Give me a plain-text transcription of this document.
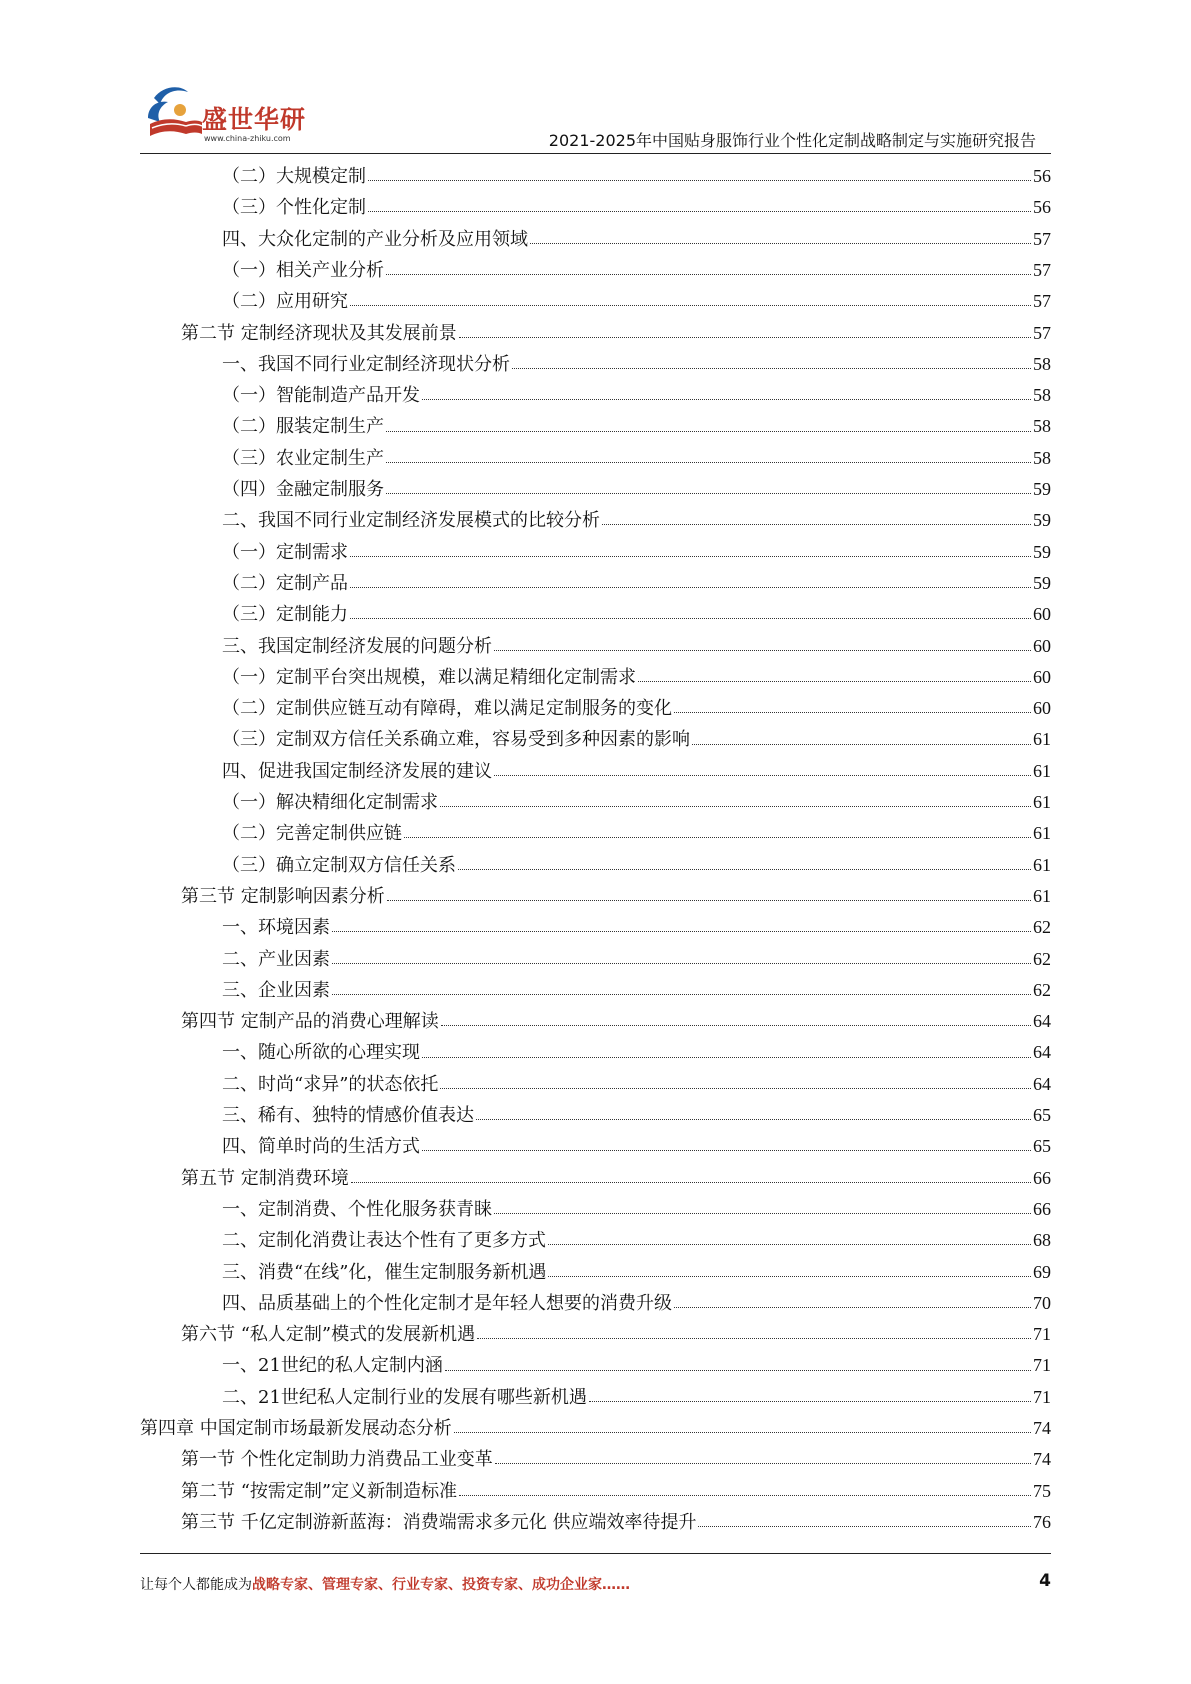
盛世华研
www.china-zhiku.com	2021-2025年中国贴身服饰行业个性化定制战略制定与实施研究报告
（二）大规模定制	56
（三）个性化定制	56
四、大众化定制的产业分析及应用领域	57
（一）相关产业分析	57
（二）应用研究	57
第二节 定制经济现状及其发展前景	57
一、我国不同行业定制经济现状分析	58
（一）智能制造产品开发	58
（二）服装定制生产	58
（三）农业定制生产	58
（四）金融定制服务	59
二、我国不同行业定制经济发展模式的比较分析	59
（一）定制需求	59
（二）定制产品	59
（三）定制能力	60
三、我国定制经济发展的问题分析	60
（一）定制平台突出规模，难以满足精细化定制需求	60
（二）定制供应链互动有障碍，难以满足定制服务的变化	60
（三）定制双方信任关系确立难，容易受到多种因素的影响	61
四、促进我国定制经济发展的建议	61
（一）解决精细化定制需求	61
（二）完善定制供应链	61
（三）确立定制双方信任关系	61
第三节 定制影响因素分析	61
一、环境因素	62
二、产业因素	62
三、企业因素	62
第四节 定制产品的消费心理解读	64
一、随心所欲的心理实现	64
二、时尚“求异”的状态依托	64
三、稀有、独特的情感价值表达	65
四、简单时尚的生活方式	65
第五节 定制消费环境	66
一、定制消费、个性化服务获青睐	66
二、定制化消费让表达个性有了更多方式	68
三、消费“在线”化，催生定制服务新机遇	69
四、品质基础上的个性化定制才是年轻人想要的消费升级	70
第六节 “私人定制”模式的发展新机遇	71
一、21世纪的私人定制内涵	71
二、21世纪私人定制行业的发展有哪些新机遇	71
第四章 中国定制市场最新发展动态分析	74
第一节 个性化定制助力消费品工业变革	74
第二节 “按需定制”定义新制造标准	75
第三节 千亿定制游新蓝海：消费端需求多元化 供应端效率待提升	76
让每个人都能成为战略专家、管理专家、行业专家、投资专家、成功企业家……	4
